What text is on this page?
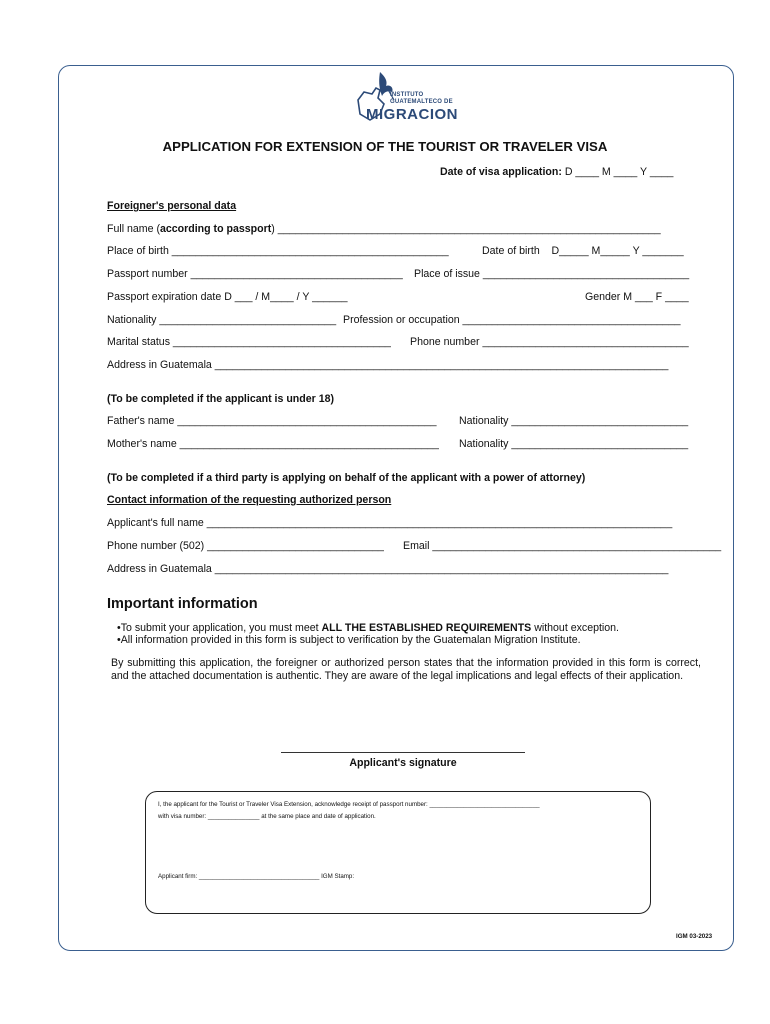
INSTITUTO
GUATEMALTECO DE
MIGRACION
APPLICATION FOR EXTENSION OF THE TOURIST OR TRAVELER VISA
Date of visa application: D ____ M ____ Y ____
Foreigner's personal data
Full name (according to passport) _________________________________________________________________
Place of birth _______________________________________________	Date of birth    D_____ M_____ Y _______
Passport number ____________________________________ Place of issue ___________________________________
Passport expiration date D ___ / M____ / Y ______	Gender M ___ F ____
Nationality ______________________________ Profession or occupation _____________________________________
Marital status _____________________________________ Phone number ___________________________________
Address in Guatemala _____________________________________________________________________________
(To be completed if the applicant is under 18)
Father's name ____________________________________________ Nationality ______________________________
Mother's name ____________________________________________ Nationality ______________________________
(To be completed if a third party is applying on behalf of the applicant with a power of attorney)
Contact information of the requesting authorized person
Applicant's full name _______________________________________________________________________________
Phone number (502) ______________________________ Email _________________________________________________
Address in Guatemala _____________________________________________________________________________
Important information
• To submit your application, you must meet ALL THE ESTABLISHED REQUIREMENTS without exception.
• All information provided in this form is subject to verification by the Guatemalan Migration Institute.
By submitting this application, the foreigner or authorized person states that the information provided in this form is correct, and the attached documentation is authentic. They are aware of the legal implications and legal effects of their application.
Applicant's signature
I, the applicant for the Tourist or Traveler Visa Extension, acknowledge receipt of passport number: ________________________________
with visa number: _______________ at the same place and date of application.
Applicant firm: ___________________________________ IGM Stamp:
IGM 03-2023
